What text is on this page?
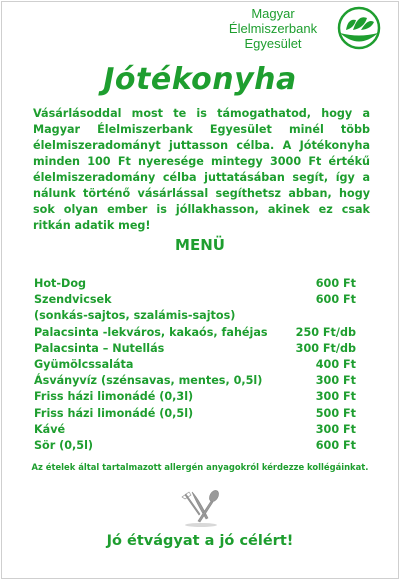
Magyar
Élelmiszerbank
Egyesület
Jótékonyha
Vásárlásoddal most te is támogathatod, hogy a Magyar Élelmiszerbank Egyesület minél több élelmiszeradományt juttasson célba. A Jótékonyha minden 100 Ft nyeresége mintegy 3000 Ft értékű élelmiszeradomány célba juttatásában segít, így a nálunk történő vásárlással segíthetsz abban, hogy sok olyan ember is jóllakhasson, akinek ez csak ritkán adatik meg!
MENÜ
Hot-Dog	600 Ft
Szendvicsek	600 Ft
(sonkás-sajtos, szalámis-sajtos)
Palacsinta -lekváros, kakaós, fahéjas	250 Ft/db
Palacsinta – Nutellás	300 Ft/db
Gyümölcssaláta	400 Ft
Ásványvíz (szénsavas, mentes, 0,5l)	300 Ft
Friss házi limonádé (0,3l)	300 Ft
Friss házi limonádé (0,5l)	500 Ft
Kávé	300 Ft
Sör (0,5l)	600 Ft
Az ételek által tartalmazott allergén anyagokról kérdezze kollégáinkat.
Jó étvágyat a jó célért!
